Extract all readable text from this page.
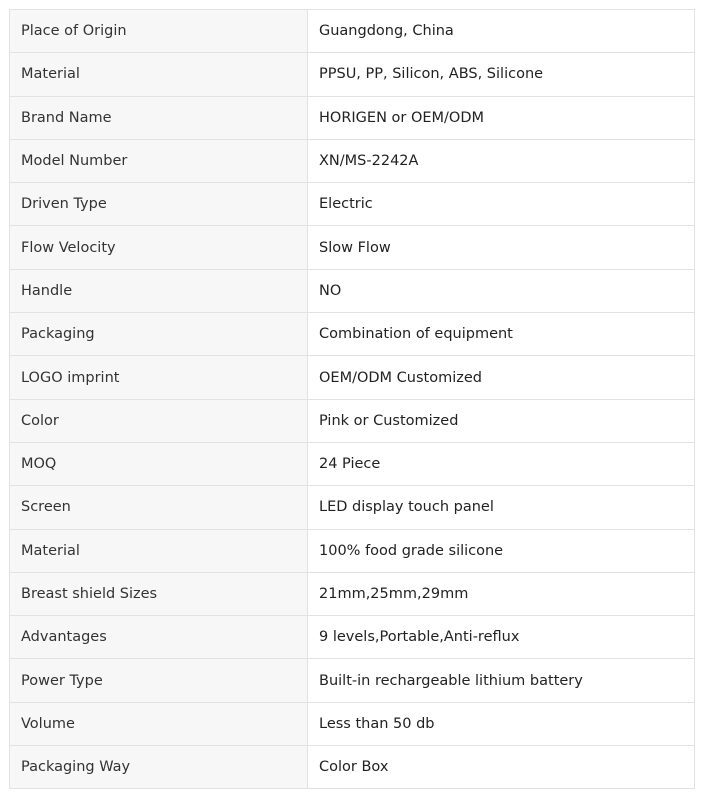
Place of Origin	Guangdong, China
Material	PPSU, PP, Silicon, ABS, Silicone
Brand Name	HORIGEN or OEM/ODM
Model Number	XN/MS-2242A
Driven Type	Electric
Flow Velocity	Slow Flow
Handle	NO
Packaging	Combination of equipment
LOGO imprint	OEM/ODM Customized
Color	Pink or Customized
MOQ	24 Piece
Screen	LED display touch panel
Material	100% food grade silicone
Breast shield Sizes	21mm,25mm,29mm
Advantages	9 levels,Portable,Anti-reflux
Power Type	Built-in rechargeable lithium battery
Volume	Less than 50 db
Packaging Way	Color Box
